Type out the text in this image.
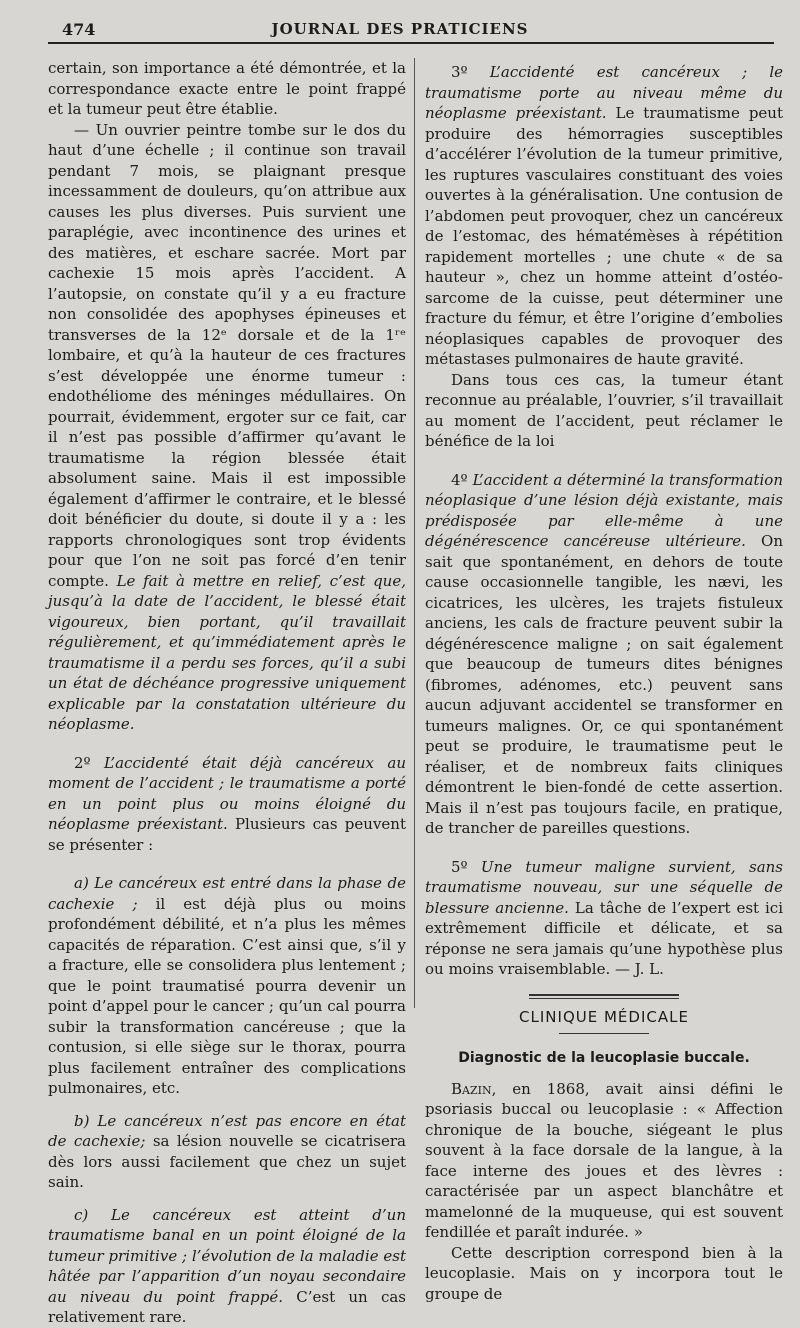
474	JOURNAL DES PRATICIENS

certain, son importance a été démontrée, et la correspondance exacte entre le point frappé et la tumeur peut être établie.

— Un ouvrier peintre tombe sur le dos du haut d’une échelle ; il continue son travail pendant 7 mois, se plaignant presque incessamment de douleurs, qu’on attribue aux causes les plus diverses. Puis survient une paraplégie, avec incontinence des urines et des matières, et eschare sacrée. Mort par cachexie 15 mois après l’accident. A l’autopsie, on constate qu’il y a eu fracture non consolidée des apophyses épineuses et transverses de la 12ᵉ dorsale et de la 1ʳᵉ lombaire, et qu’à la hauteur de ces fractures s’est développée une énorme tumeur : endothéliome des méninges médullaires. On pourrait, évidemment, ergoter sur ce fait, car il n’est pas possible d’affirmer qu’avant le traumatisme la région blessée était absolument saine. Mais il est impossible également d’affirmer le contraire, et le blessé doit bénéficier du doute, si doute il y a : les rapports chronologiques sont trop évidents pour que l’on ne soit pas forcé d’en tenir compte. Le fait à mettre en relief, c’est que, jusqu’à la date de l’accident, le blessé était vigoureux, bien portant, qu’il travaillait régulièrement, et qu’immédiatement après le traumatisme il a perdu ses forces, qu’il a subi un état de déchéance progressive uniquement explicable par la constatation ultérieure du néoplasme.

2º L’accidenté était déjà cancéreux au moment de l’accident ; le traumatisme a porté en un point plus ou moins éloigné du néoplasme préexistant. Plusieurs cas peuvent se présenter :

a) Le cancéreux est entré dans la phase de cachexie ; il est déjà plus ou moins profondément débilité, et n’a plus les mêmes capacités de réparation. C’est ainsi que, s’il y a fracture, elle se consolidera plus lentement ; que le point traumatisé pourra devenir un point d’appel pour le cancer ; qu’un cal pourra subir la transformation cancéreuse ; que la contusion, si elle siège sur le thorax, pourra plus facilement entraîner des complications pulmonaires, etc.

b) Le cancéreux n’est pas encore en état de cachexie; sa lésion nouvelle se cicatrisera dès lors aussi facilement que chez un sujet sain.

c) Le cancéreux est atteint d’un traumatisme banal en un point éloigné de la tumeur primitive ; l’évolution de la maladie est hâtée par l’apparition d’un noyau secondaire au niveau du point frappé. C’est un cas relativement rare.

3º L’accidenté est cancéreux ; le traumatisme porte au niveau même du néoplasme préexistant. Le traumatisme peut produire des hémorragies susceptibles d’accélérer l’évolution de la tumeur primitive, les ruptures vasculaires constituant des voies ouvertes à la généralisation. Une contusion de l’abdomen peut provoquer, chez un cancéreux de l’estomac, des hématémèses à répétition rapidement mortelles ; une chute « de sa hauteur », chez un homme atteint d’ostéo-sarcome de la cuisse, peut déterminer une fracture du fémur, et être l’origine d’embolies néoplasiques capables de provoquer des métastases pulmonaires de haute gravité.

Dans tous ces cas, la tumeur étant reconnue au préalable, l’ouvrier, s’il travaillait au moment de l’accident, peut réclamer le bénéfice de la loi

4º L’accident a déterminé la transformation néoplasique d’une lésion déjà existante, mais prédisposée par elle-même à une dégénérescence cancéreuse ultérieure. On sait que spontanément, en dehors de toute cause occasionnelle tangible, les nævi, les cicatrices, les ulcères, les trajets fistuleux anciens, les cals de fracture peuvent subir la dégénérescence maligne ; on sait également que beaucoup de tumeurs dites bénignes (fibromes, adénomes, etc.) peuvent sans aucun adjuvant accidentel se transformer en tumeurs malignes. Or, ce qui spontanément peut se produire, le traumatisme peut le réaliser, et de nombreux faits cliniques démontrent le bien-fondé de cette assertion. Mais il n’est pas toujours facile, en pratique, de trancher de pareilles questions.

5º Une tumeur maligne survient, sans traumatisme nouveau, sur une séquelle de blessure ancienne. La tâche de l’expert est ici extrêmement difficile et délicate, et sa réponse ne sera jamais qu’une hypothèse plus ou moins vraisemblable. — J. L.

CLINIQUE MÉDICALE
Diagnostic de la leucoplasie buccale.

Bazin, en 1868, avait ainsi défini le psoriasis buccal ou leucoplasie : « Affection chronique de la bouche, siégeant le plus souvent à la face dorsale de la langue, à la face interne des joues et des lèvres : caractérisée par un aspect blanchâtre et mamelonné de la muqueuse, qui est souvent fendillée et paraît indurée. »

Cette description correspond bien à la leucoplasie. Mais on y incorpora tout le groupe de
